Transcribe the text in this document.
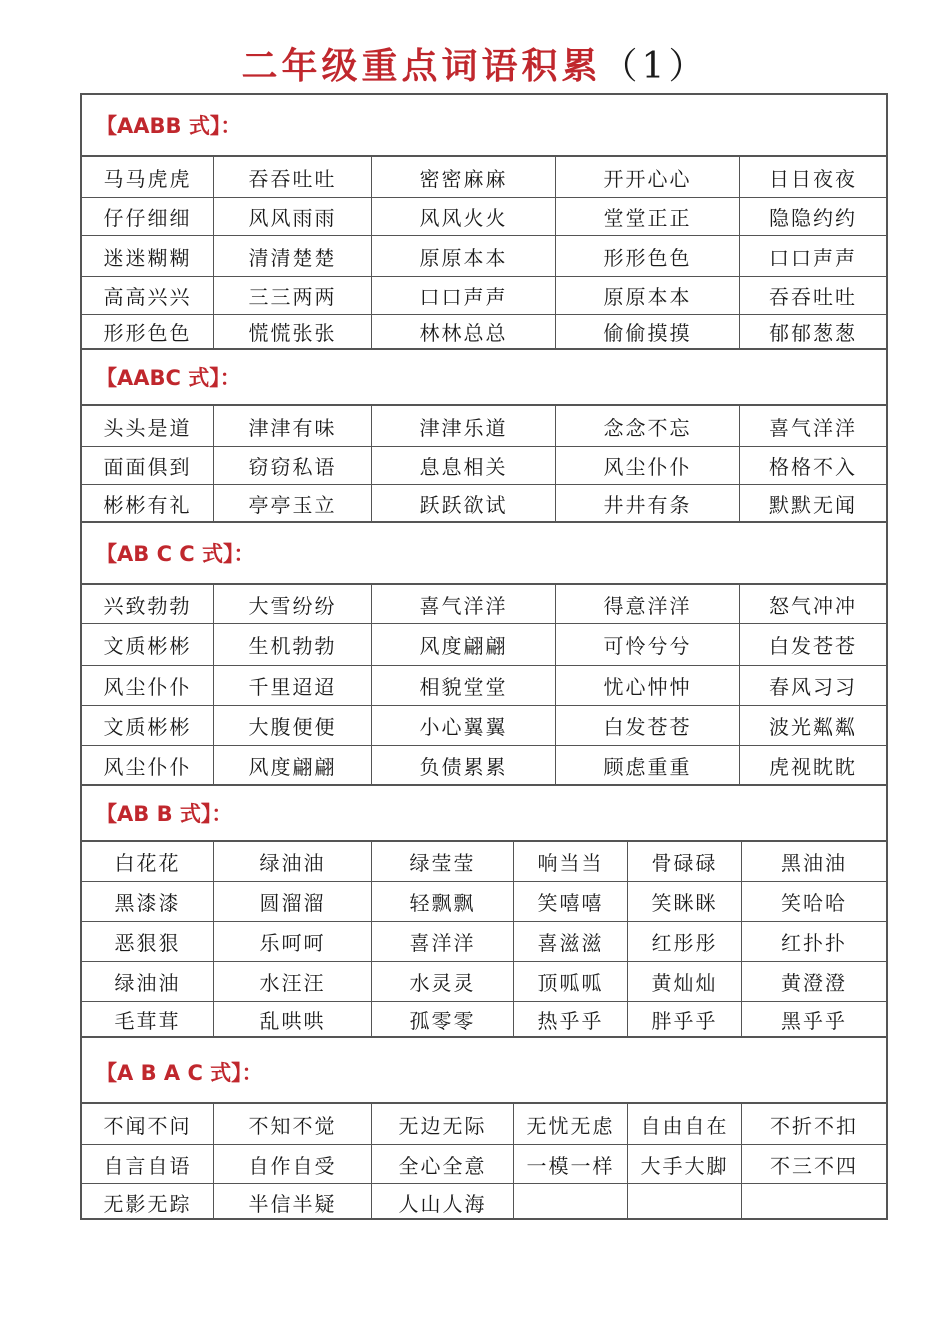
二年级重点词语积累（1）
【AABB 式】：
马马虎虎	吞吞吐吐	密密麻麻	开开心心	日日夜夜
仔仔细细	风风雨雨	风风火火	堂堂正正	隐隐约约
迷迷糊糊	清清楚楚	原原本本	形形色色	口口声声
高高兴兴	三三两两	口口声声	原原本本	吞吞吐吐
形形色色	慌慌张张	林林总总	偷偷摸摸	郁郁葱葱
【AABC 式】：
头头是道	津津有味	津津乐道	念念不忘	喜气洋洋
面面俱到	窃窃私语	息息相关	风尘仆仆	格格不入
彬彬有礼	亭亭玉立	跃跃欲试	井井有条	默默无闻
【AB C C 式】：
兴致勃勃	大雪纷纷	喜气洋洋	得意洋洋	怒气冲冲
文质彬彬	生机勃勃	风度翩翩	可怜兮兮	白发苍苍
风尘仆仆	千里迢迢	相貌堂堂	忧心忡忡	春风习习
文质彬彬	大腹便便	小心翼翼	白发苍苍	波光粼粼
风尘仆仆	风度翩翩	负债累累	顾虑重重	虎视眈眈
【AB B 式】：
白花花	绿油油	绿莹莹	响当当	骨碌碌	黑油油
黑漆漆	圆溜溜	轻飘飘	笑嘻嘻	笑眯眯	笑哈哈
恶狠狠	乐呵呵	喜洋洋	喜滋滋	红彤彤	红扑扑
绿油油	水汪汪	水灵灵	顶呱呱	黄灿灿	黄澄澄
毛茸茸	乱哄哄	孤零零	热乎乎	胖乎乎	黑乎乎
【A B A C 式】：
不闻不问	不知不觉	无边无际	无忧无虑	自由自在	不折不扣
自言自语	自作自受	全心全意	一模一样	大手大脚	不三不四
无影无踪	半信半疑	人山人海
